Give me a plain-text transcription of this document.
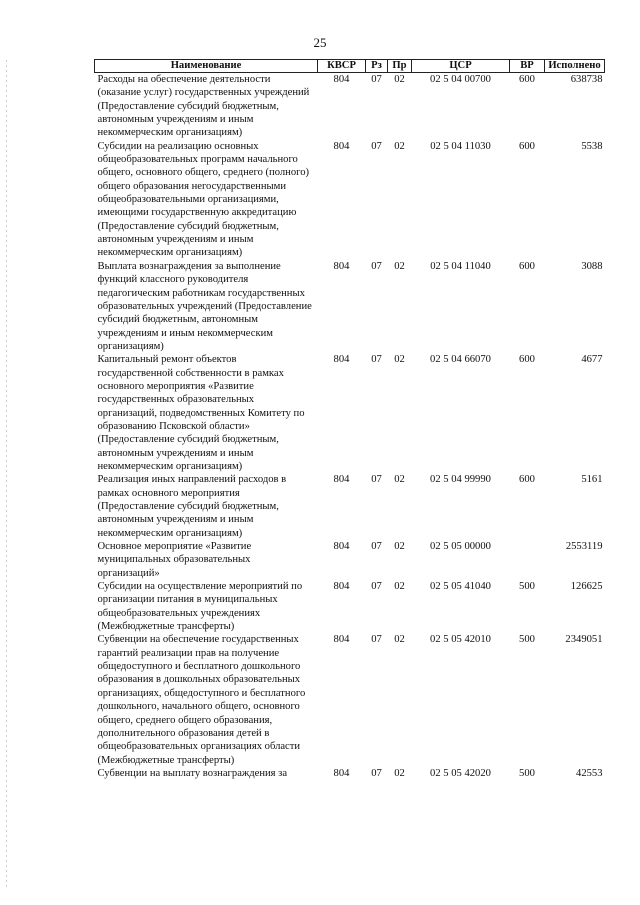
25
Наименование	КВСР	Рз	Пр	ЦСР	ВР	Исполнено
Расходы на обеспечение деятельности (оказание услуг) государственных учреждений (Предоставление субсидий бюджетным, автономным учреждениям и иным некоммерческим организациям)	804	07	02	02 5 04 00700	600	638738
Субсидии на реализацию основных общеобразовательных программ начального общего, основного общего, среднего (полного) общего образования негосударственными общеобразовательными организациями, имеющими государственную аккредитацию (Предоставление субсидий бюджетным, автономным учреждениям и иным некоммерческим организациям)	804	07	02	02 5 04 11030	600	5538
Выплата вознаграждения за выполнение функций классного руководителя педагогическим работникам государственных образовательных учреждений (Предоставление субсидий бюджетным, автономным учреждениям и иным некоммерческим организациям)	804	07	02	02 5 04 11040	600	3088
Капитальный ремонт объектов государственной собственности в рамках основного мероприятия «Развитие государственных образовательных организаций, подведомственных Комитету по образованию Псковской области» (Предоставление субсидий бюджетным, автономным учреждениям и иным некоммерческим организациям)	804	07	02	02 5 04 66070	600	4677
Реализация иных направлений расходов в рамках основного мероприятия (Предоставление субсидий бюджетным, автономным учреждениям и иным некоммерческим организациям)	804	07	02	02 5 04 99990	600	5161
Основное мероприятие «Развитие муниципальных образовательных организаций»	804	07	02	02 5 05 00000		2553119
Субсидии на осуществление мероприятий по организации питания в муниципальных общеобразовательных учреждениях (Межбюджетные трансферты)	804	07	02	02 5 05 41040	500	126625
Субвенции на обеспечение государственных гарантий реализации прав на получение общедоступного и бесплатного дошкольного образования в дошкольных образовательных организациях, общедоступного и бесплатного дошкольного, начального общего, основного общего, среднего общего образования, дополнительного образования детей в общеобразовательных организациях области (Межбюджетные трансферты)	804	07	02	02 5 05 42010	500	2349051
Субвенции на выплату вознаграждения за	804	07	02	02 5 05 42020	500	42553
